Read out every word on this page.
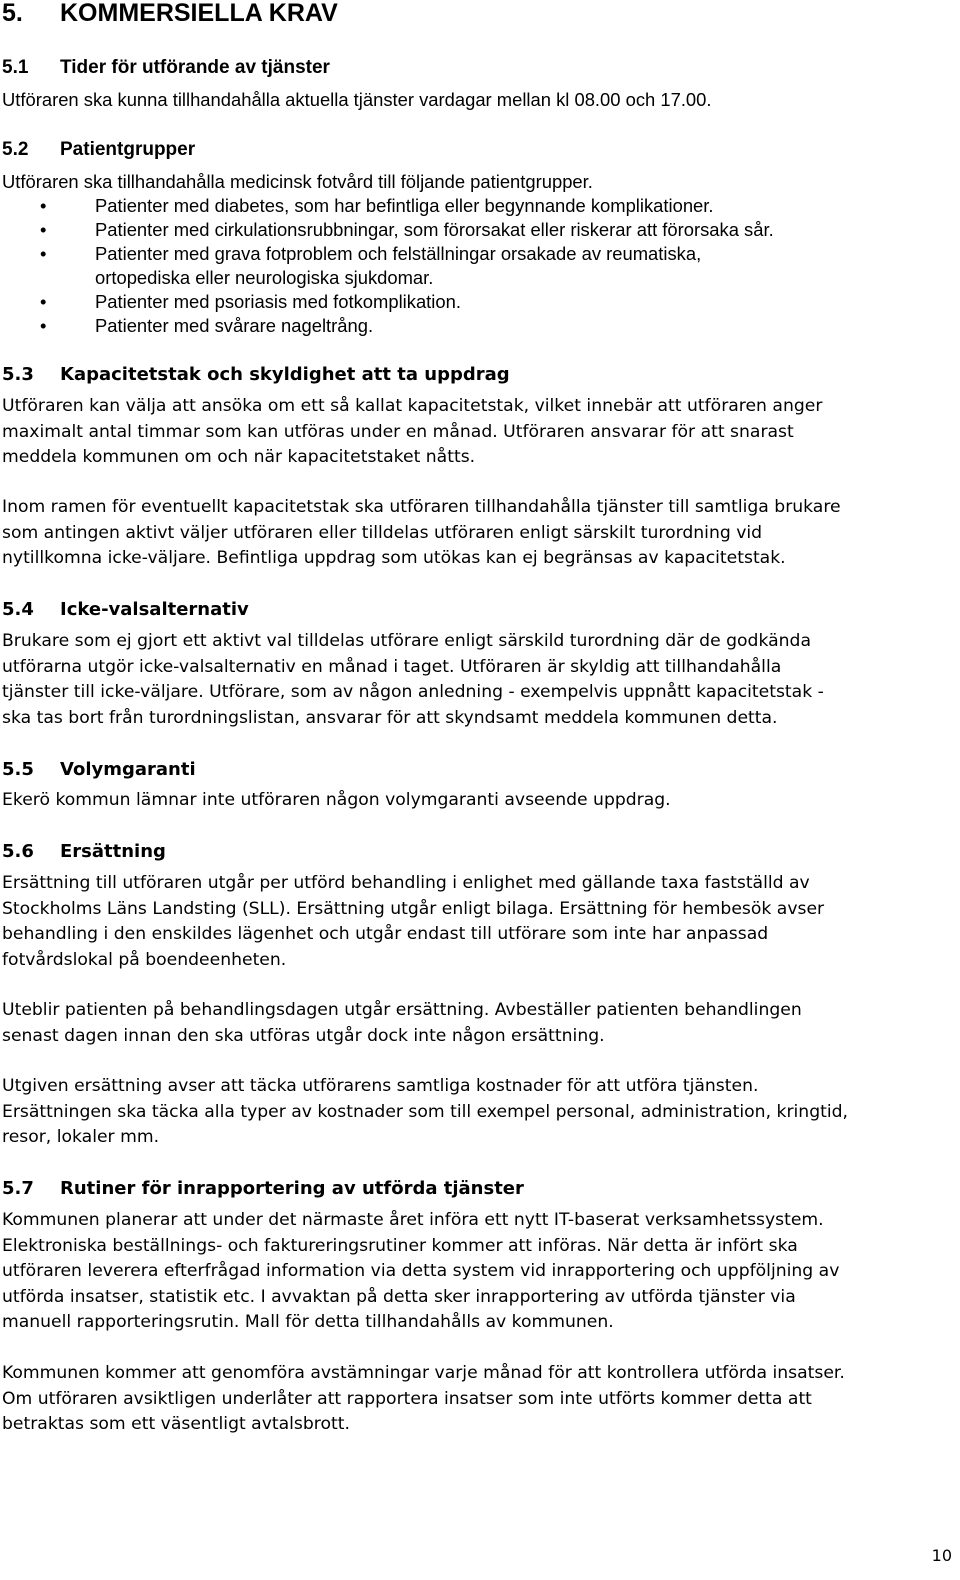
5. KOMMERSIELLA KRAV
5.1 Tider för utförande av tjänster
Utföraren ska kunna tillhandahålla aktuella tjänster vardagar mellan kl 08.00 och 17.00.
5.2 Patientgrupper
Utföraren ska tillhandahålla medicinsk fotvård till följande patientgrupper.
•	Patienter med diabetes, som har befintliga eller begynnande komplikationer.
•	Patienter med cirkulationsrubbningar, som förorsakat eller riskerar att förorsaka sår.
•	Patienter med grava fotproblem och felställningar orsakade av reumatiska,
ortopediska eller neurologiska sjukdomar.
•	Patienter med psoriasis med fotkomplikation.
•	Patienter med svårare nageltrång.
5.3 Kapacitetstak och skyldighet att ta uppdrag
Utföraren kan välja att ansöka om ett så kallat kapacitetstak, vilket innebär att utföraren anger
maximalt antal timmar som kan utföras under en månad. Utföraren ansvarar för att snarast
meddela kommunen om och när kapacitetstaket nåtts.
Inom ramen för eventuellt kapacitetstak ska utföraren tillhandahålla tjänster till samtliga brukare
som antingen aktivt väljer utföraren eller tilldelas utföraren enligt särskilt turordning vid
nytillkomna icke-väljare. Befintliga uppdrag som utökas kan ej begränsas av kapacitetstak.
5.4 Icke-valsalternativ
Brukare som ej gjort ett aktivt val tilldelas utförare enligt särskild turordning där de godkända
utförarna utgör icke-valsalternativ en månad i taget. Utföraren är skyldig att tillhandahålla
tjänster till icke-väljare. Utförare, som av någon anledning - exempelvis uppnått kapacitetstak -
ska tas bort från turordningslistan, ansvarar för att skyndsamt meddela kommunen detta.
5.5 Volymgaranti
Ekerö kommun lämnar inte utföraren någon volymgaranti avseende uppdrag.
5.6 Ersättning
Ersättning till utföraren utgår per utförd behandling i enlighet med gällande taxa fastställd av
Stockholms Läns Landsting (SLL). Ersättning utgår enligt bilaga. Ersättning för hembesök avser
behandling i den enskildes lägenhet och utgår endast till utförare som inte har anpassad
fotvårdslokal på boendeenheten.
Uteblir patienten på behandlingsdagen utgår ersättning. Avbeställer patienten behandlingen
senast dagen innan den ska utföras utgår dock inte någon ersättning.
Utgiven ersättning avser att täcka utförarens samtliga kostnader för att utföra tjänsten.
Ersättningen ska täcka alla typer av kostnader som till exempel personal, administration, kringtid,
resor, lokaler mm.
5.7 Rutiner för inrapportering av utförda tjänster
Kommunen planerar att under det närmaste året införa ett nytt IT-baserat verksamhetssystem.
Elektroniska beställnings- och faktureringsrutiner kommer att införas. När detta är infört ska
utföraren leverera efterfrågad information via detta system vid inrapportering och uppföljning av
utförda insatser, statistik etc. I avvaktan på detta sker inrapportering av utförda tjänster via
manuell rapporteringsrutin. Mall för detta tillhandahålls av kommunen.
Kommunen kommer att genomföra avstämningar varje månad för att kontrollera utförda insatser.
Om utföraren avsiktligen underlåter att rapportera insatser som inte utförts kommer detta att
betraktas som ett väsentligt avtalsbrott.
10
